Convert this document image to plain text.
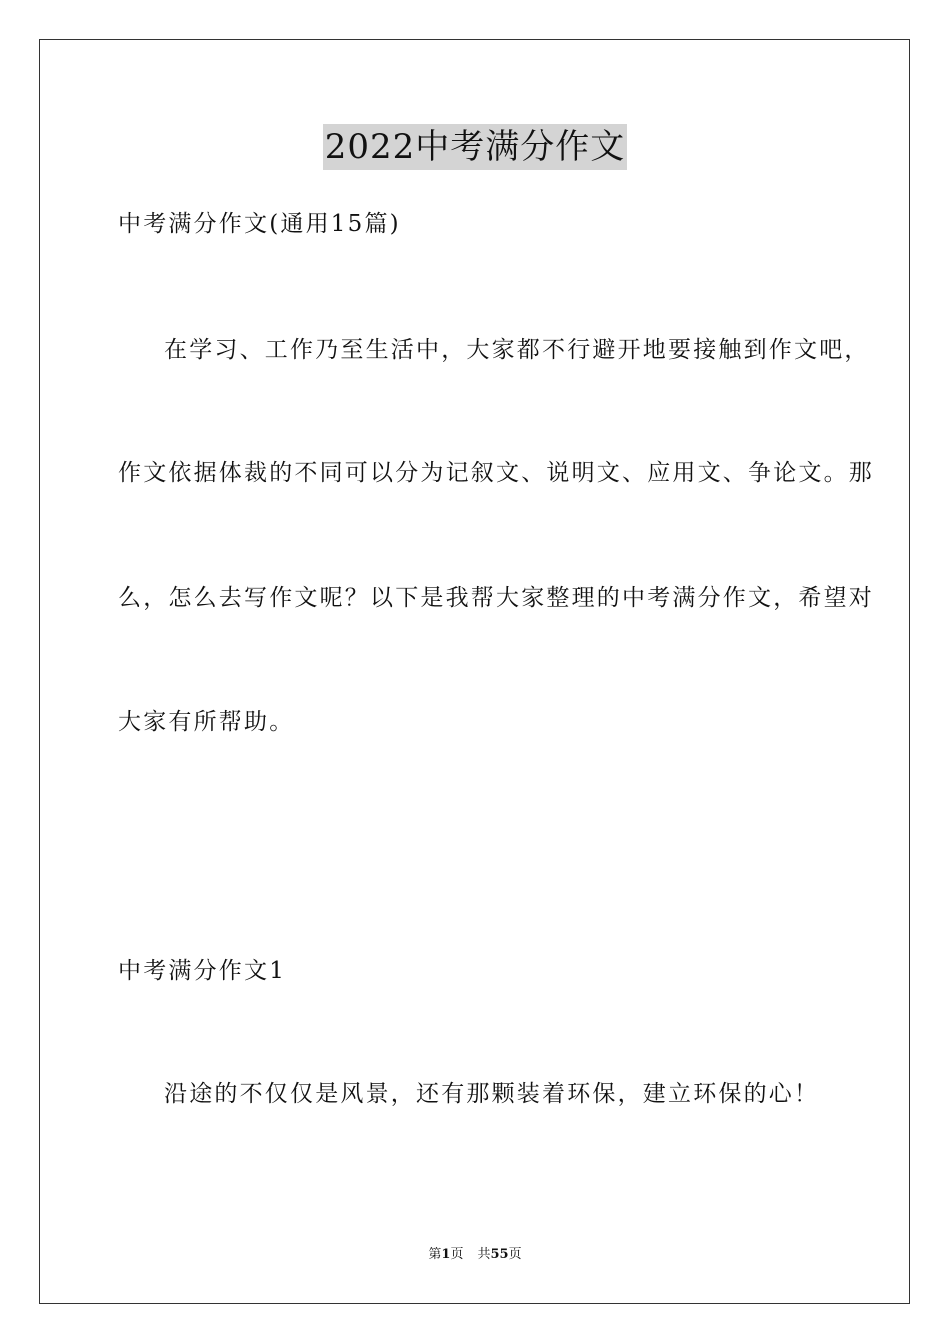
2022中考满分作文
中考满分作文(通用15篇)
在学习、工作乃至生活中，大家都不行避开地要接触到作文吧，
作文依据体裁的不同可以分为记叙文、说明文、应用文、争论文。那
么，怎么去写作文呢？以下是我帮大家整理的中考满分作文，希望对
大家有所帮助。
中考满分作文1
沿途的不仅仅是风景，还有那颗装着环保，建立环保的心！
第1页 共55页
